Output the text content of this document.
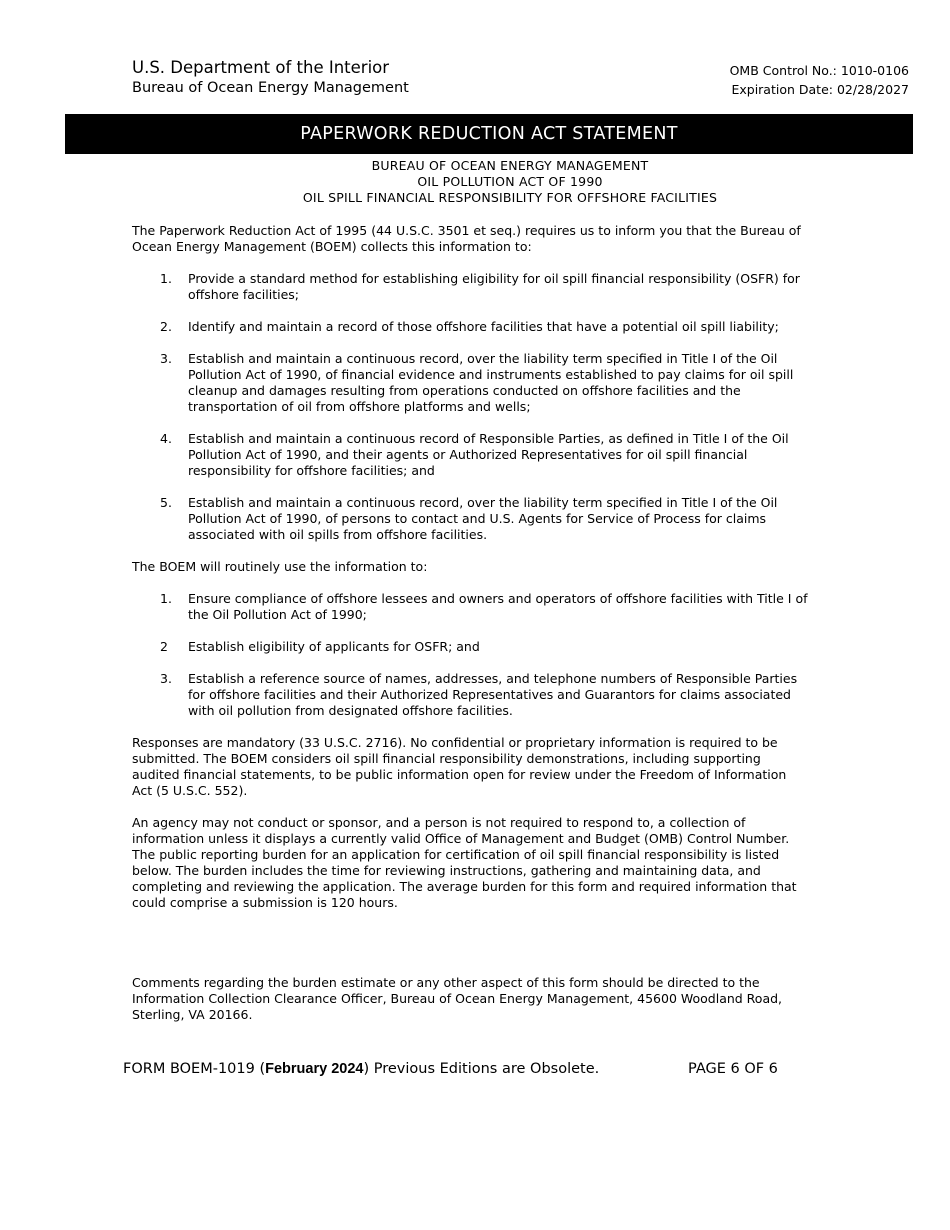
U.S. Department of the Interior
Bureau of Ocean Energy Management
OMB Control No.: 1010-0106
Expiration Date: 02/28/2027
PAPERWORK REDUCTION ACT STATEMENT
BUREAU OF OCEAN ENERGY MANAGEMENT
OIL POLLUTION ACT OF 1990
OIL SPILL FINANCIAL RESPONSIBILITY FOR OFFSHORE FACILITIES

The Paperwork Reduction Act of 1995 (44 U.S.C. 3501 et seq.) requires us to inform you that the Bureau of Ocean Energy Management (BOEM) collects this information to:

1. Provide a standard method for establishing eligibility for oil spill financial responsibility (OSFR) for offshore facilities;
2. Identify and maintain a record of those offshore facilities that have a potential oil spill liability;
3. Establish and maintain a continuous record, over the liability term specified in Title I of the Oil Pollution Act of 1990, of financial evidence and instruments established to pay claims for oil spill cleanup and damages resulting from operations conducted on offshore facilities and the transportation of oil from offshore platforms and wells;
4. Establish and maintain a continuous record of Responsible Parties, as defined in Title I of the Oil Pollution Act of 1990, and their agents or Authorized Representatives for oil spill financial responsibility for offshore facilities; and
5. Establish and maintain a continuous record, over the liability term specified in Title I of the Oil Pollution Act of 1990, of persons to contact and U.S. Agents for Service of Process for claims associated with oil spills from offshore facilities.

The BOEM will routinely use the information to:

1. Ensure compliance of offshore lessees and owners and operators of offshore facilities with Title I of the Oil Pollution Act of 1990;
2 Establish eligibility of applicants for OSFR; and
3. Establish a reference source of names, addresses, and telephone numbers of Responsible Parties for offshore facilities and their Authorized Representatives and Guarantors for claims associated with oil pollution from designated offshore facilities.

Responses are mandatory (33 U.S.C. 2716). No confidential or proprietary information is required to be submitted. The BOEM considers oil spill financial responsibility demonstrations, including supporting audited financial statements, to be public information open for review under the Freedom of Information Act (5 U.S.C. 552).

An agency may not conduct or sponsor, and a person is not required to respond to, a collection of information unless it displays a currently valid Office of Management and Budget (OMB) Control Number. The public reporting burden for an application for certification of oil spill financial responsibility is listed below. The burden includes the time for reviewing instructions, gathering and maintaining data, and completing and reviewing the application. The average burden for this form and required information that could comprise a submission is 120 hours.

Comments regarding the burden estimate or any other aspect of this form should be directed to the Information Collection Clearance Officer, Bureau of Ocean Energy Management, 45600 Woodland Road, Sterling, VA 20166.

FORM BOEM-1019 (February 2024) Previous Editions are Obsolete.	PAGE 6 OF 6
